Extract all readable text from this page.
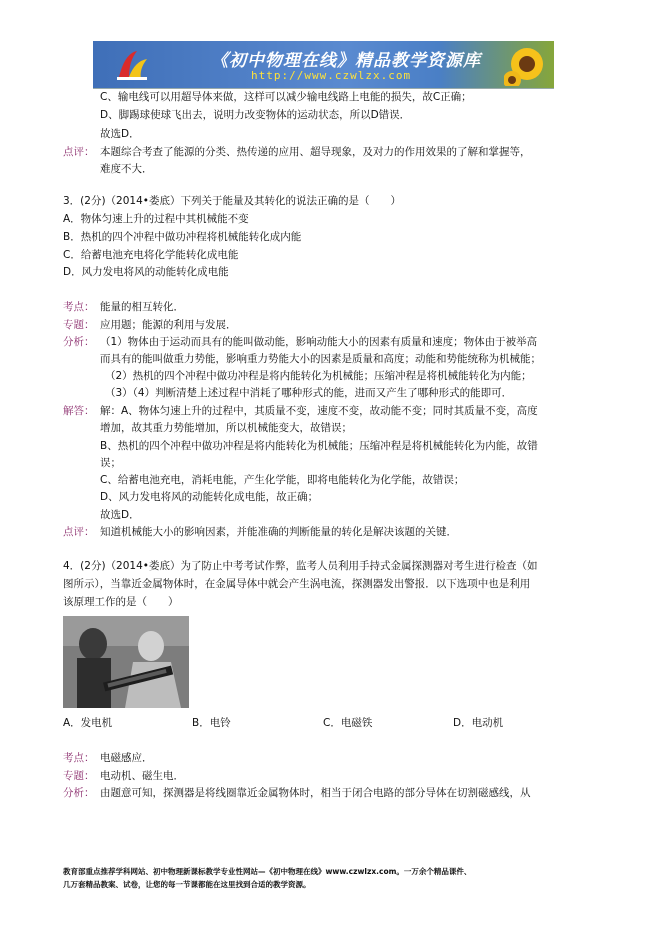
《初中物理在线》精品教学资源库
http://www.czwlzx.com
C、输电线可以用超导体来做，这样可以减少输电线路上电能的损失，故C正确；
D、脚踢球使球飞出去，说明力改变物体的运动状态，所以D错误．
故选D．
点评： 本题综合考查了能源的分类、热传递的应用、超导现象，及对力的作用效果的了解和掌握等，
难度不大．
3．(2分)（2014•娄底）下列关于能量及其转化的说法正确的是（　　）
A．物体匀速上升的过程中其机械能不变
B．热机的四个冲程中做功冲程将机械能转化成内能
C．给蓄电池充电将化学能转化成电能
D．风力发电将风的动能转化成电能
考点： 能量的相互转化．
专题： 应用题；能源的利用与发展．
分析： （1）物体由于运动而具有的能叫做动能，影响动能大小的因素有质量和速度；物体由于被举高
而具有的能叫做重力势能，影响重力势能大小的因素是质量和高度；动能和势能统称为机械能；
（2）热机的四个冲程中做功冲程是将内能转化为机械能；压缩冲程是将机械能转化为内能；
（3）（4）判断清楚上述过程中消耗了哪种形式的能，进而又产生了哪种形式的能即可．
解答： 解：A、物体匀速上升的过程中，其质量不变，速度不变，故动能不变；同时其质量不变，高度
增加，故其重力势能增加，所以机械能变大，故错误；
B、热机的四个冲程中做功冲程是将内能转化为机械能；压缩冲程是将机械能转化为内能，故错
误；
C、给蓄电池充电，消耗电能，产生化学能，即将电能转化为化学能，故错误；
D、风力发电将风的动能转化成电能，故正确；
故选D．
点评： 知道机械能大小的影响因素，并能准确的判断能量的转化是解决该题的关键．
4．(2分)（2014•娄底）为了防止中考考试作弊，监考人员利用手持式金属探测器对考生进行检查（如
图所示），当靠近金属物体时，在金属导体中就会产生涡电流，探测器发出警报．以下选项中也是利用
该原理工作的是（　　）
A．发电机	B．电铃	C．电磁铁	D．电动机
考点： 电磁感应．
专题： 电动机、磁生电．
分析： 由题意可知，探测器是将线圈靠近金属物体时，相当于闭合电路的部分导体在切割磁感线，从
教育部重点推荐学科网站、初中物理新课标教学专业性网站—《初中物理在线》www.czwlzx.com。一万余个精品课件、
几万套精品教案、试卷，让您的每一节课都能在这里找到合适的教学资源。
